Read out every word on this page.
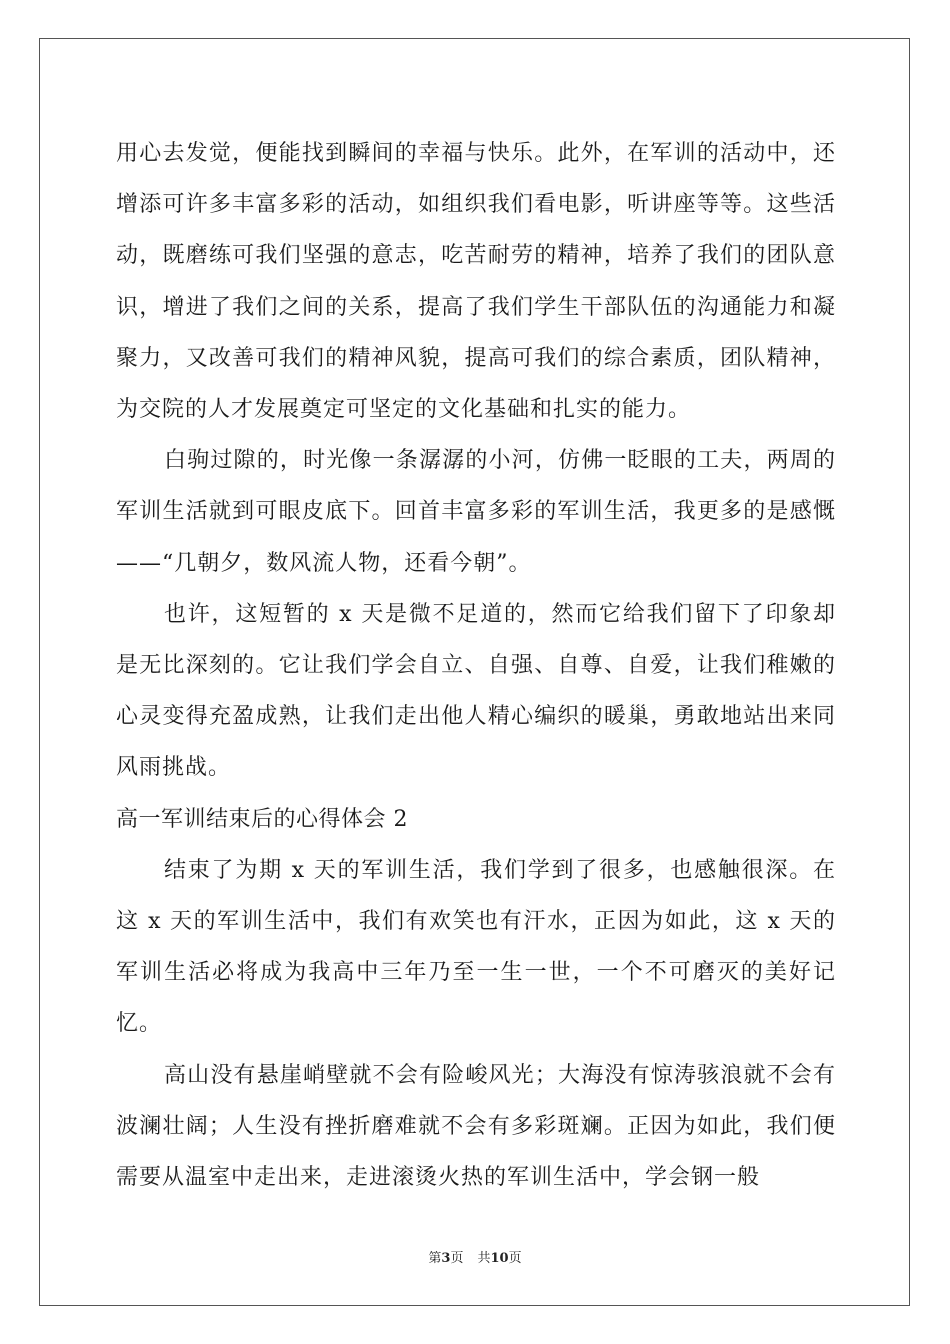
用心去发觉，便能找到瞬间的幸福与快乐。此外，在军训的活动中，还增添可许多丰富多彩的活动，如组织我们看电影，听讲座等等。这些活动，既磨练可我们坚强的意志，吃苦耐劳的精神，培养了我们的团队意识，增进了我们之间的关系，提高了我们学生干部队伍的沟通能力和凝聚力，又改善可我们的精神风貌，提高可我们的综合素质，团队精神，为交院的人才发展奠定可坚定的文化基础和扎实的能力。

白驹过隙的，时光像一条潺潺的小河，仿佛一眨眼的工夫，两周的军训生活就到可眼皮底下。回首丰富多彩的军训生活，我更多的是感慨——“几朝夕，数风流人物，还看今朝”。

也许，这短暂的 x 天是微不足道的，然而它给我们留下了印象却是无比深刻的。它让我们学会自立、自强、自尊、自爱，让我们稚嫩的心灵变得充盈成熟，让我们走出他人精心编织的暖巢，勇敢地站出来同风雨挑战。

高一军训结束后的心得体会 2

结束了为期 x 天的军训生活，我们学到了很多，也感触很深。在这 x 天的军训生活中，我们有欢笑也有汗水，正因为如此，这 x 天的军训生活必将成为我高中三年乃至一生一世，一个不可磨灭的美好记忆。

高山没有悬崖峭壁就不会有险峻风光；大海没有惊涛骇浪就不会有波澜壮阔；人生没有挫折磨难就不会有多彩斑斓。正因为如此，我们便需要从温室中走出来，走进滚烫火热的军训生活中，学会钢一般

第3页 共10页
